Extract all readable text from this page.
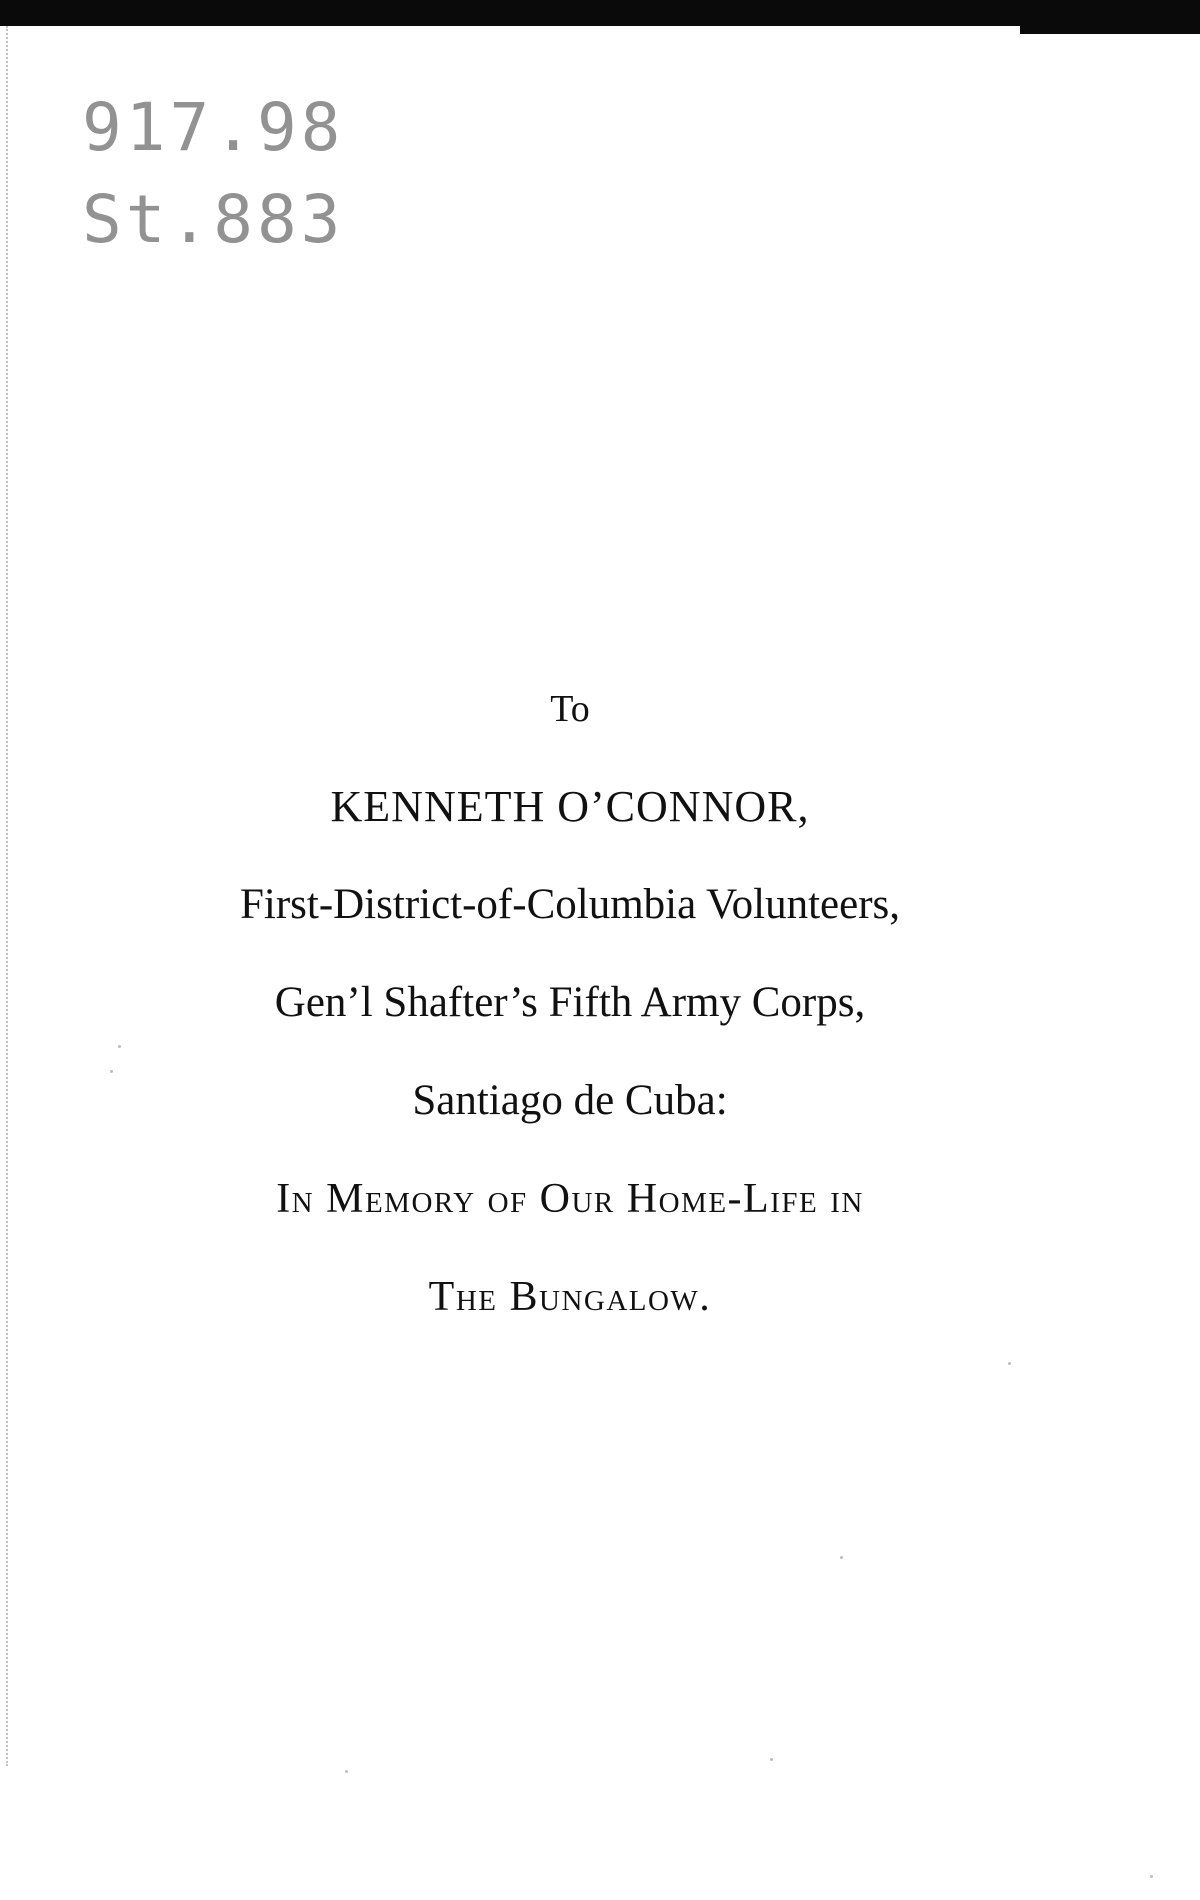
917.98
St.883
To
KENNETH O’CONNOR,
First-District-of-Columbia Volunteers,
Gen’l Shafter’s Fifth Army Corps,
Santiago de Cuba:
In Memory of Our Home-Life in
The Bungalow.
